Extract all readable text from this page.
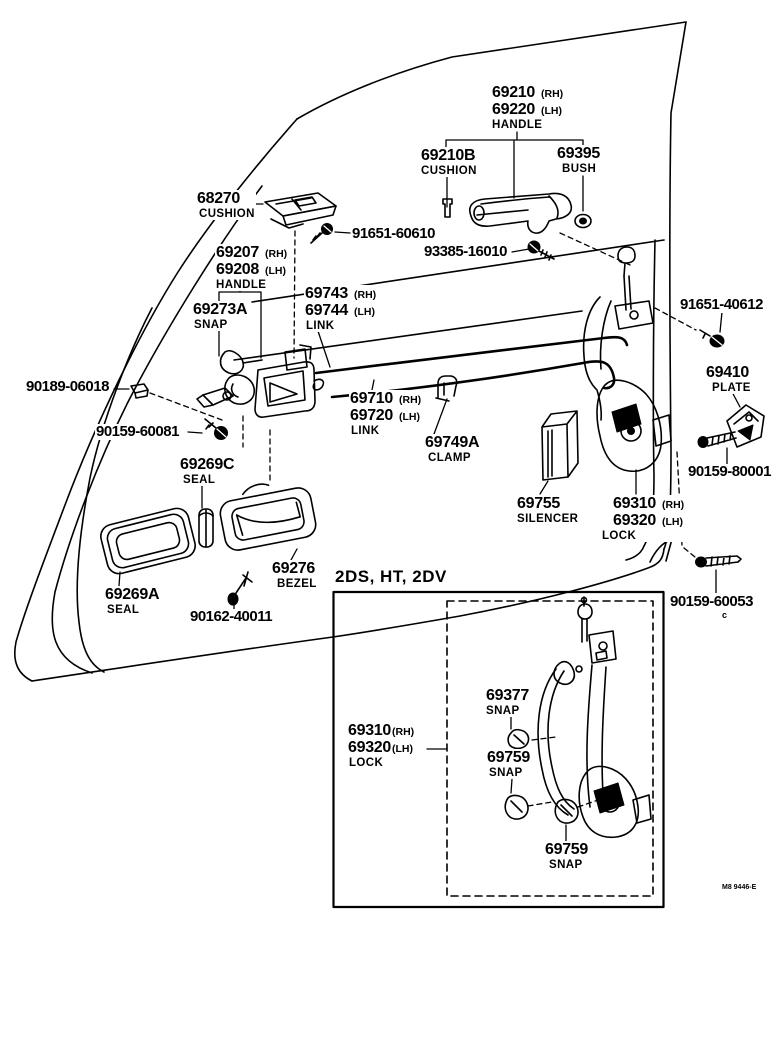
69210 (RH)
69220 (LH)
HANDLE
69210B
CUSHION
69395
BUSH
68270
CUSHION
91651-60610
93385-16010
69207 (RH)
69208 (LH)
HANDLE
69273A
SNAP
69743 (RH)
69744 (LH)
LINK
91651-40612
69410
PLATE
90189-06018
90159-60081
69710 (RH)
69720 (LH)
LINK
69749A
CLAMP
69269C
SEAL
69755
SILENCER
69310 (RH)
69320 (LH)
LOCK
90159-80001
69276
BEZEL
69269A
SEAL	90162-40011
90159-60053
c
2DS, HT, 2DV
69377
SNAP
69310(RH)
69320(LH)
LOCK	69759
SNAP
69759
SNAP
M8 9446-E
